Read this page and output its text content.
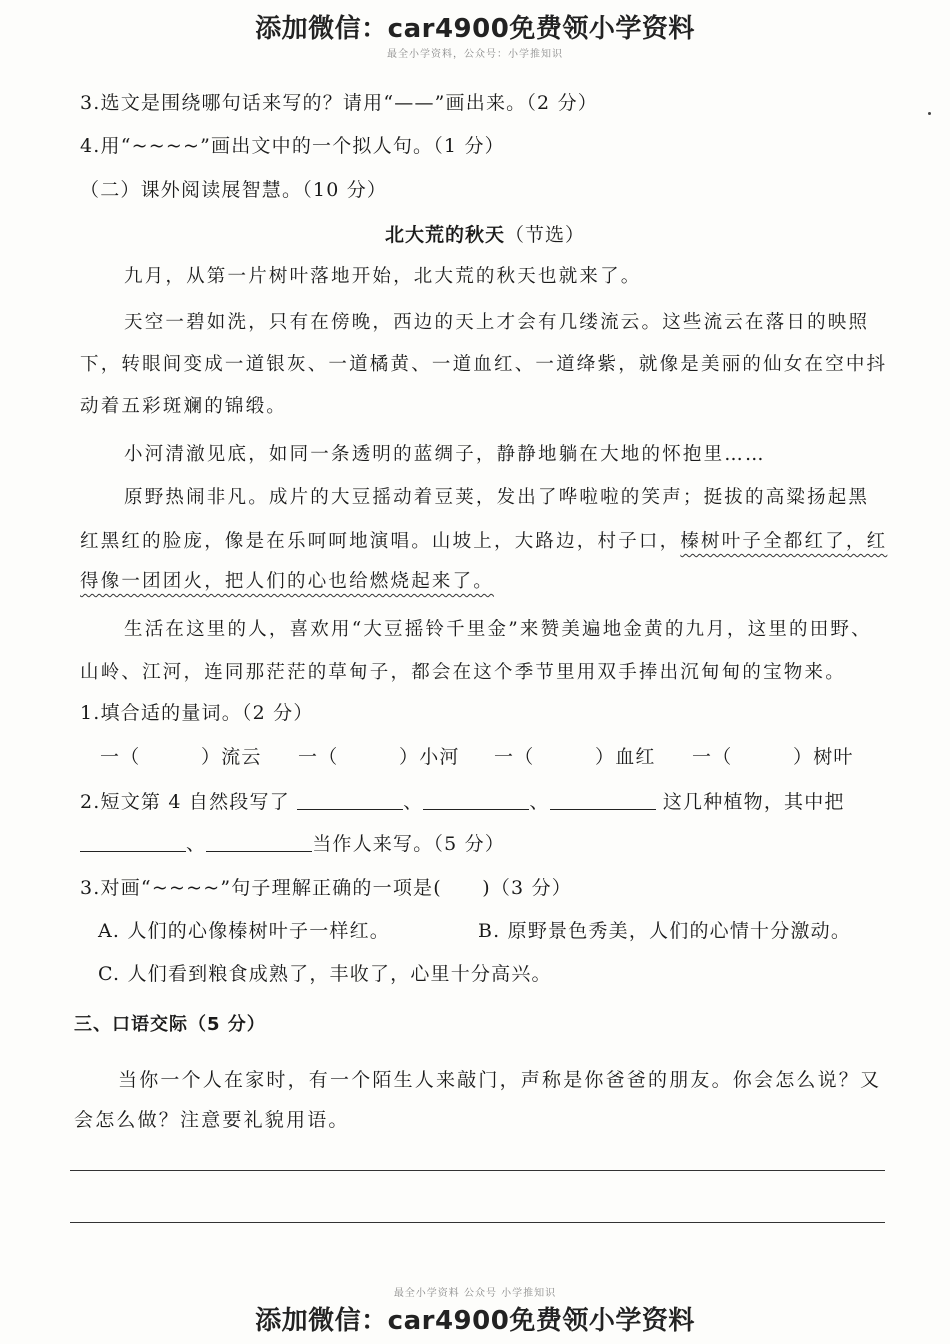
添加微信：car4900免费领小学资料
最全小学资料，公众号：小学推知识
3.选文是围绕哪句话来写的？请用“——”画出来。（2 分）
4.用“~~~~”画出文中的一个拟人句。（1 分）
（二）课外阅读展智慧。（10 分）
北大荒的秋天（节选）
九月，从第一片树叶落地开始，北大荒的秋天也就来了。
天空一碧如洗，只有在傍晚，西边的天上才会有几缕流云。这些流云在落日的映照
下，转眼间变成一道银灰、一道橘黄、一道血红、一道绛紫，就像是美丽的仙女在空中抖
动着五彩斑斓的锦缎。
小河清澈见底，如同一条透明的蓝绸子，静静地躺在大地的怀抱里……
原野热闹非凡。成片的大豆摇动着豆荚，发出了哗啦啦的笑声；挺拔的高粱扬起黑
红黑红的脸庞，像是在乐呵呵地演唱。山坡上，大路边，村子口，榛树叶子全都红了，红
得像一团团火，把人们的心也给燃烧起来了。
生活在这里的人，喜欢用“大豆摇铃千里金”来赞美遍地金黄的九月，这里的田野、
山岭、江河，连同那茫茫的草甸子，都会在这个季节里用双手捧出沉甸甸的宝物来。
1.填合适的量词。（2 分）
一（　　　）流云 一（　　　）小河 一（　　　）血红 一（　　　）树叶
2.短文第 4 自然段写了	、	、	这几种植物，其中把
、	当作人来写。（5 分）
3.对画“~~~~”句子理解正确的一项是(　　)（3 分）
A. 人们的心像榛树叶子一样红。	B. 原野景色秀美，人们的心情十分激动。
C. 人们看到粮食成熟了，丰收了，心里十分高兴。
三、口语交际（5 分）
当你一个人在家时，有一个陌生人来敲门，声称是你爸爸的朋友。你会怎么说？又
会怎么做？注意要礼貌用语。
最全小学资料 公众号 小学推知识
添加微信：car4900免费领小学资料
